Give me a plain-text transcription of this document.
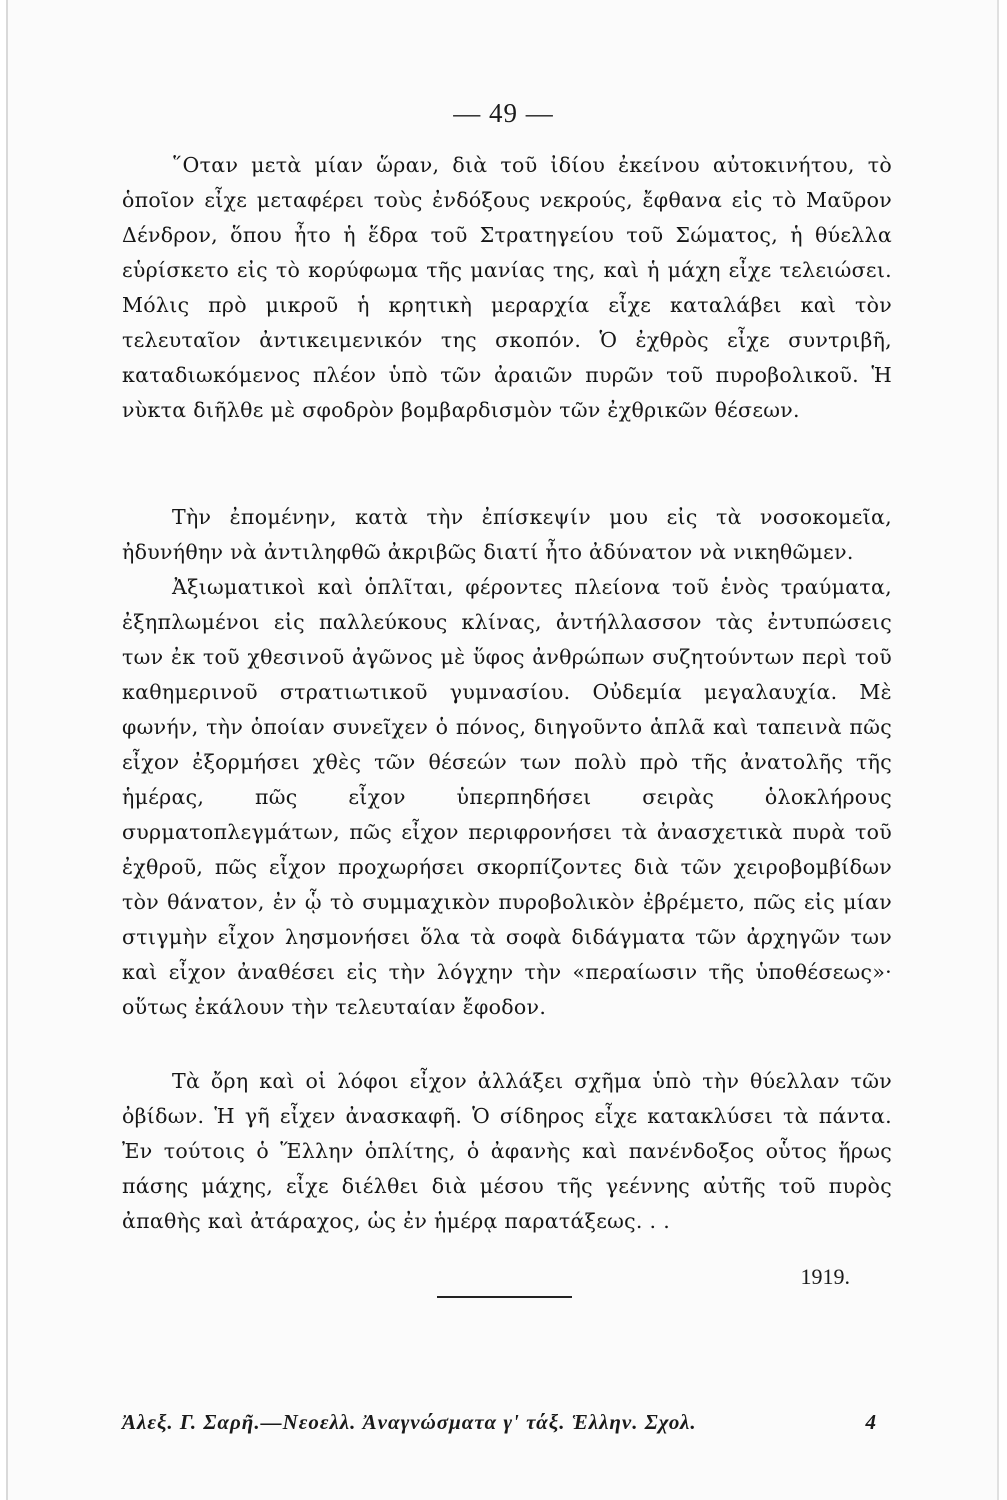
— 49 —

῞Οταν μετὰ μίαν ὥραν, διὰ τοῦ ἰδίου ἐκείνου αὐτοκινήτου, τὸ ὁποῖον εἶχε μεταφέρει τοὺς ἐνδόξους νεκρούς, ἔφθανα εἰς τὸ Μαῦρον Δένδρον, ὅπου ἦτο ἡ ἕδρα τοῦ Στρατηγείου τοῦ Σώματος, ἡ θύελλα εὑρίσκετο εἰς τὸ κορύφωμα τῆς μανίας της, καὶ ἡ μάχη εἶχε τελειώσει. Μόλις πρὸ μικροῦ ἡ κρητικὴ μεραρχία εἶχε καταλάβει καὶ τὸν τελευταῖον ἀντικειμενικόν της σκοπόν. Ὁ ἐχθρὸς εἶχε συντριβῆ, καταδιωκόμενος πλέον ὑπὸ τῶν ἀραιῶν πυρῶν τοῦ πυροβολικοῦ. Ἡ νὺκτα διῆλθε μὲ σφοδρὸν βομβαρδισμὸν τῶν ἐχθρικῶν θέσεων.

Τὴν ἐπομένην, κατὰ τὴν ἐπίσκεψίν μου εἰς τὰ νοσοκομεῖα, ἠδυνήθην νὰ ἀντιληφθῶ ἀκριβῶς διατί ἦτο ἀδύνατον νὰ νικηθῶμεν.

Ἀξιωματικοὶ καὶ ὁπλῖται, φέροντες πλείονα τοῦ ἑνὸς τραύματα, ἐξηπλωμένοι εἰς παλλεύκους κλίνας, ἀντήλλασσον τὰς ἐντυπώσεις των ἐκ τοῦ χθεσινοῦ ἀγῶνος μὲ ὕφος ἀνθρώπων συζητούντων περὶ τοῦ καθημερινοῦ στρατιωτικοῦ γυμνασίου. Οὐδεμία μεγαλαυχία. Μὲ φωνήν, τὴν ὁποίαν συνεῖχεν ὁ πόνος, διηγοῦντο ἁπλᾶ καὶ ταπεινὰ πῶς εἶχον ἐξορμήσει χθὲς τῶν θέσεών των πολὺ πρὸ τῆς ἀνατολῆς τῆς ἡμέρας, πῶς εἶχον ὑπερπηδήσει σειρὰς ὁλοκλήρους συρματοπλεγμάτων, πῶς εἶχον περιφρονήσει τὰ ἀνασχετικὰ πυρὰ τοῦ ἐχθροῦ, πῶς εἶχον προχωρήσει σκορπίζοντες διὰ τῶν χειροβομβίδων τὸν θάνατον, ἐν ᾧ τὸ συμμαχικὸν πυροβολικὸν ἐβρέμετο, πῶς εἰς μίαν στιγμὴν εἶχον λησμονήσει ὅλα τὰ σοφὰ διδάγματα τῶν ἀρχηγῶν των καὶ εἶχον ἀναθέσει εἰς τὴν λόγχην τὴν «περαίωσιν τῆς ὑποθέσεως»· οὕτως ἐκάλουν τὴν τελευταίαν ἔφοδον.

Τὰ ὄρη καὶ οἱ λόφοι εἶχον ἀλλάξει σχῆμα ὑπὸ τὴν θύελλαν τῶν ὀβίδων. Ἡ γῆ εἶχεν ἀνασκαφῆ. Ὁ σίδηρος εἶχε κατακλύσει τὰ πάντα. Ἐν τούτοις ὁ Ἕλλην ὁπλίτης, ὁ ἀφανὴς καὶ πανένδοξος οὗτος ἥρως πάσης μάχης, εἶχε διέλθει διὰ μέσου τῆς γεέννης αὐτῆς τοῦ πυρὸς ἀπαθὴς καὶ ἀτάραχος, ὡς ἐν ἡμέρᾳ παρατάξεως. . .

1919.
Ἀλεξ. Γ. Σαρῆ.—Νεοελλ. Ἀναγνώσματα γ' τάξ. Ἑλλην. Σχολ.	4
